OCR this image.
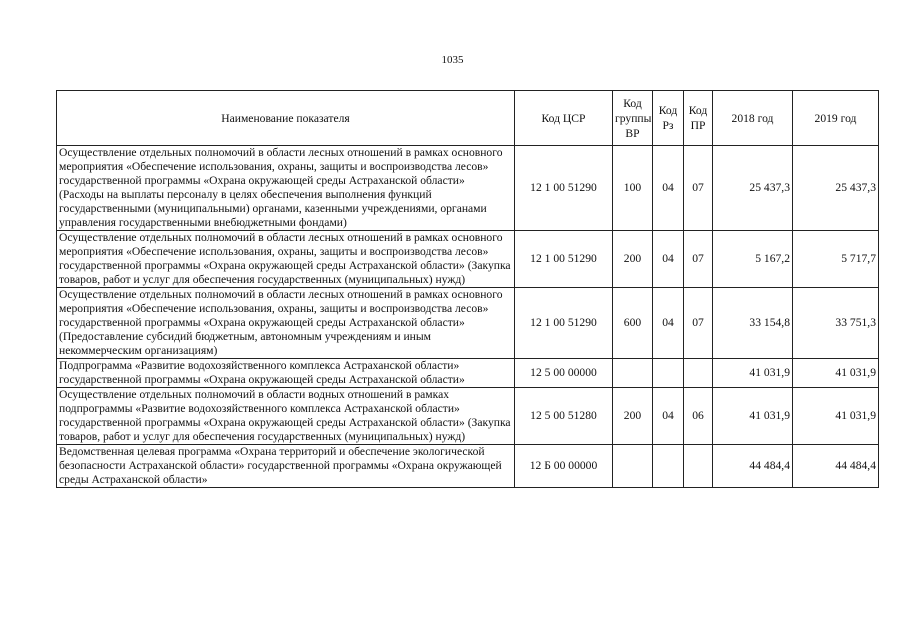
1035
Наименование показателя	Код ЦСР	Код группы ВР	Код Рз	Код ПР	2018 год	2019 год
Осуществление отдельных полномочий в области лесных отношений в рамках основного мероприятия «Обеспечение использования, охраны, защиты и воспроизводства лесов» государственной программы «Охрана окружающей среды Астраханской области» (Расходы на выплаты персоналу в целях обеспечения выполнения функций государственными (муниципальными) органами, казенными учреждениями, органами управления государственными внебюджетными фондами)	12 1 00 51290	100	04	07	25 437,3	25 437,3
Осуществление отдельных полномочий в области лесных отношений в рамках основного мероприятия «Обеспечение использования, охраны, защиты и воспроизводства лесов» государственной программы «Охрана окружающей среды Астраханской области» (Закупка товаров, работ и услуг для обеспечения государственных (муниципальных) нужд)	12 1 00 51290	200	04	07	5 167,2	5 717,7
Осуществление отдельных полномочий в области лесных отношений в рамках основного мероприятия «Обеспечение использования, охраны, защиты и воспроизводства лесов» государственной программы «Охрана окружающей среды Астраханской области» (Предоставление субсидий бюджетным, автономным учреждениям и иным некоммерческим организациям)	12 1 00 51290	600	04	07	33 154,8	33 751,3
Подпрограмма «Развитие водохозяйственного комплекса Астраханской области» государственной программы «Охрана окружающей среды Астраханской области»	12 5 00 00000				41 031,9	41 031,9
Осуществление отдельных полномочий в области водных отношений в рамках подпрограммы «Развитие водохозяйственного комплекса Астраханской области» государственной программы «Охрана окружающей среды Астраханской области» (Закупка товаров, работ и услуг для обеспечения государственных (муниципальных) нужд)	12 5 00 51280	200	04	06	41 031,9	41 031,9
Ведомственная целевая программа «Охрана территорий и обеспечение экологической безопасности Астраханской области» государственной программы «Охрана окружающей среды Астраханской области»	12 Б 00 00000				44 484,4	44 484,4
